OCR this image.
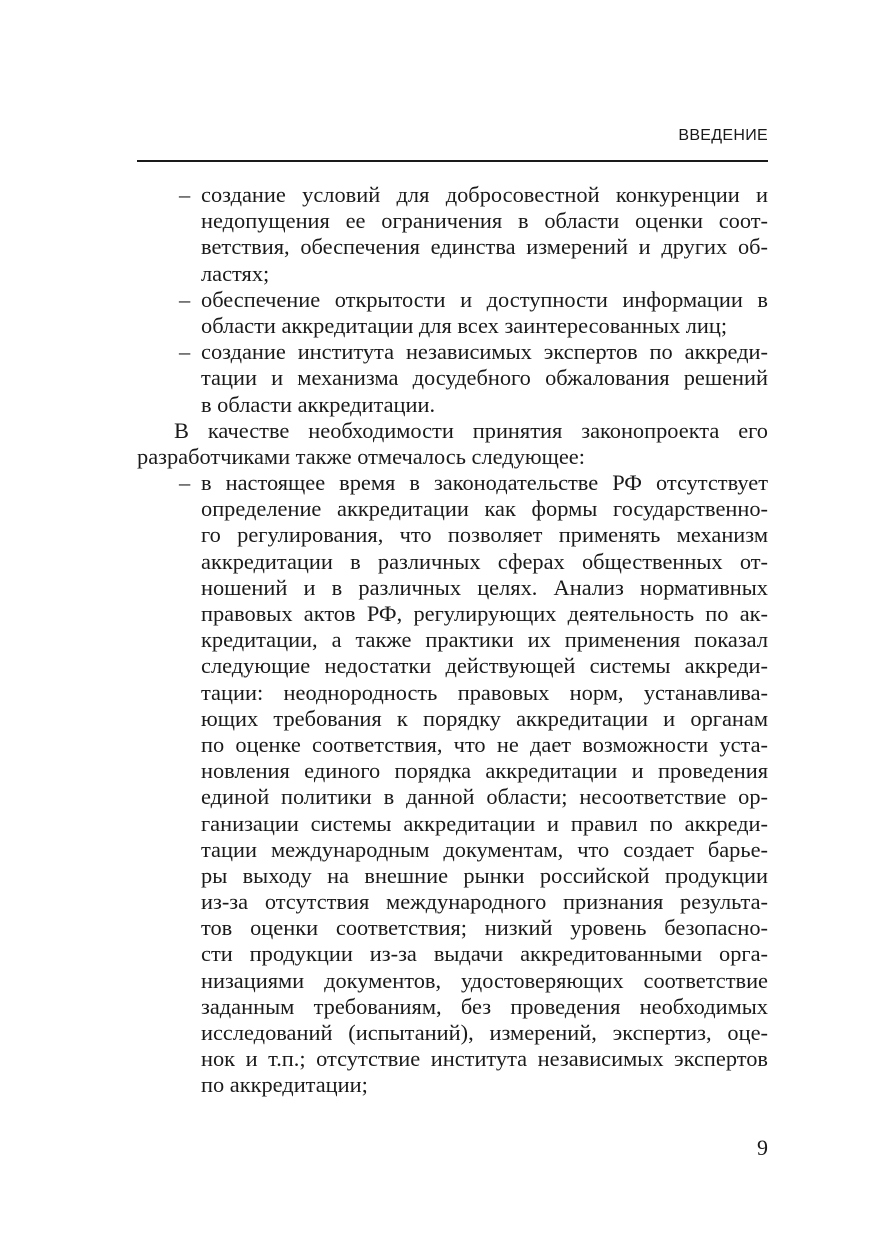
ВВЕДЕНИЕ
– создание условий для добросовестной конкуренции и
недопущения ее ограничения в области оценки соот-
ветствия, обеспечения единства измерений и других об-
ластях;
– обеспечение открытости и доступности информации в
области аккредитации для всех заинтересованных лиц;
– создание института независимых экспертов по аккреди-
тации и механизма досудебного обжалования решений
в области аккредитации.
В качестве необходимости принятия законопроекта его
разработчиками также отмечалось следующее:
– в настоящее время в законодательстве РФ отсутствует
определение аккредитации как формы государственно-
го регулирования, что позволяет применять механизм
аккредитации в различных сферах общественных от-
ношений и в различных целях. Анализ нормативных
правовых актов РФ, регулирующих деятельность по ак-
кредитации, а также практики их применения показал
следующие недостатки действующей системы аккреди-
тации: неоднородность правовых норм, устанавлива-
ющих требования к порядку аккредитации и органам
по оценке соответствия, что не дает возможности уста-
новления единого порядка аккредитации и проведения
единой политики в данной области; несоответствие ор-
ганизации системы аккредитации и правил по аккреди-
тации международным документам, что создает барье-
ры выходу на внешние рынки российской продукции
из-за отсутствия международного признания результа-
тов оценки соответствия; низкий уровень безопасно-
сти продукции из-за выдачи аккредитованными орга-
низациями документов, удостоверяющих соответствие
заданным требованиям, без проведения необходимых
исследований (испытаний), измерений, экспертиз, оце-
нок и т.п.; отсутствие института независимых экспертов
по аккредитации;
9
